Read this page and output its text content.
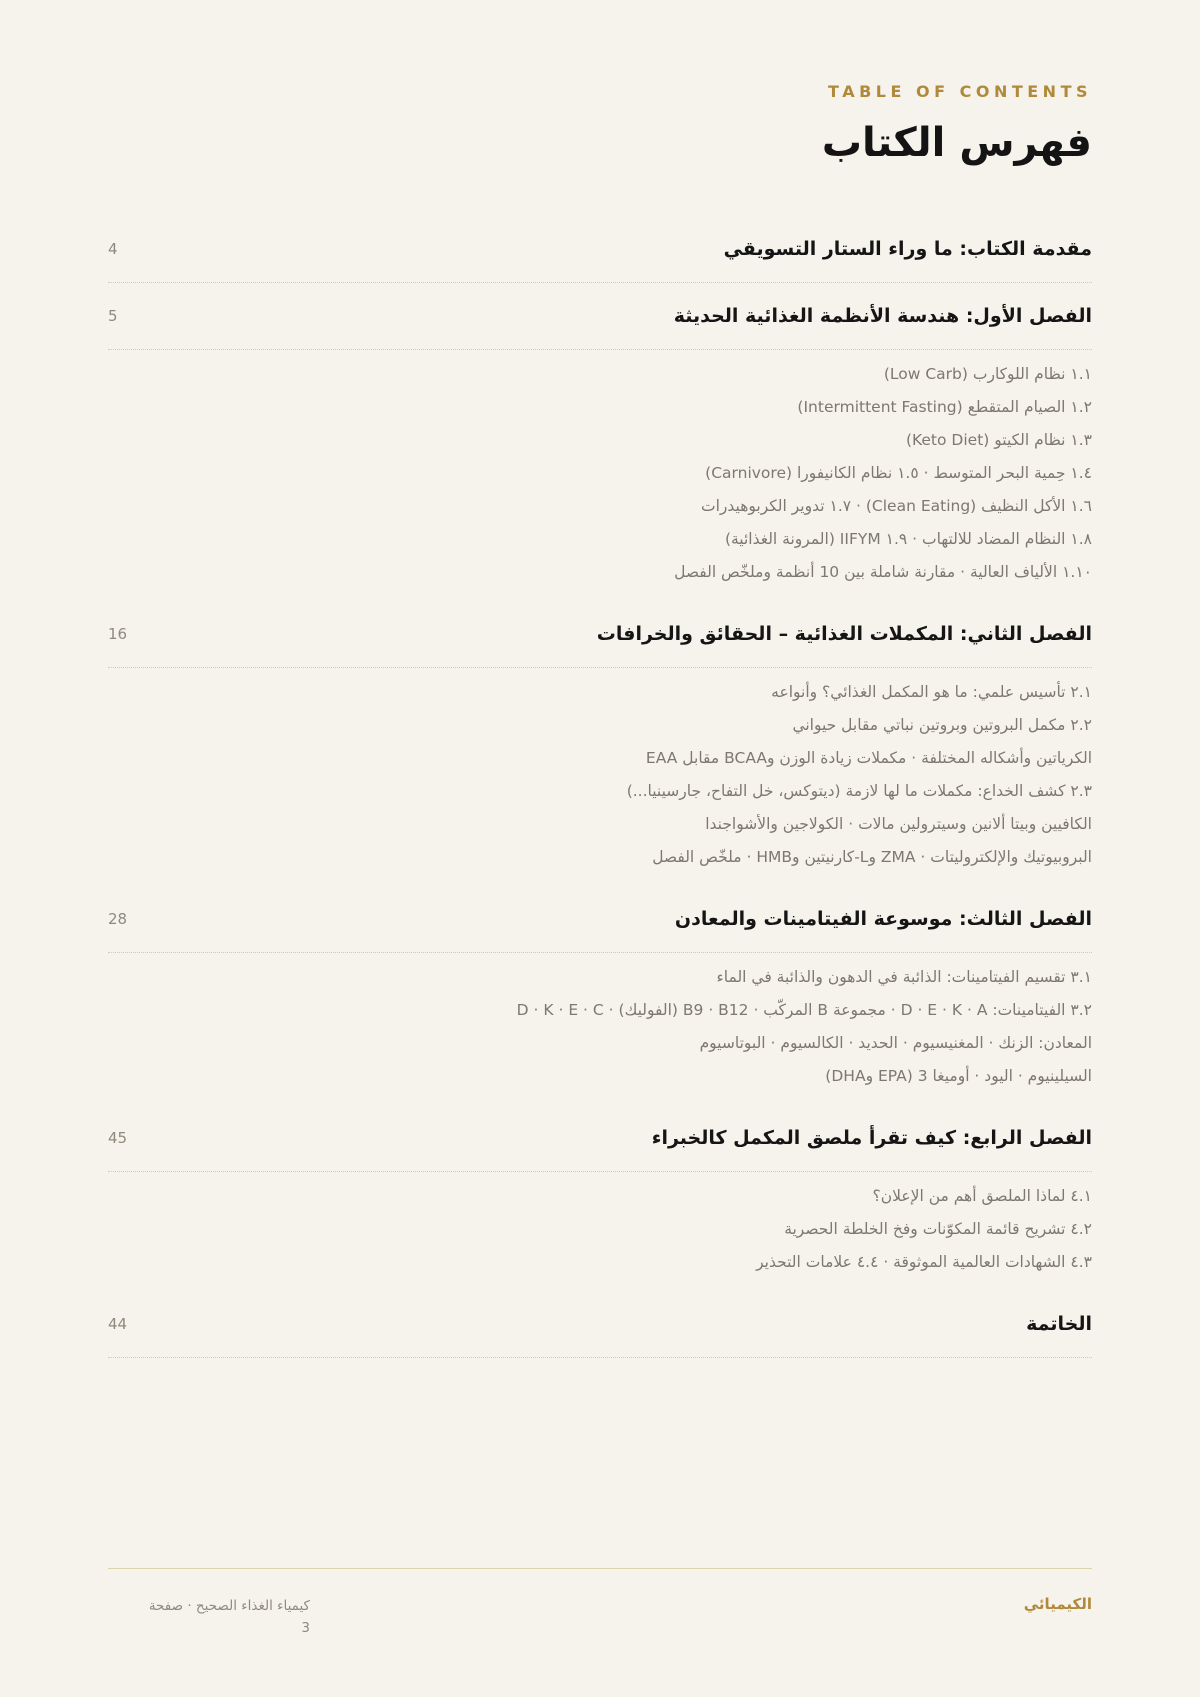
TABLE OF CONTENTS
فهرس الكتاب
مقدمة الكتاب: ما وراء الستار التسويقي
4
الفصل الأول: هندسة الأنظمة الغذائية الحديثة
5
١.١ نظام اللوكارب (Low Carb)
١.٢ الصيام المتقطع (Intermittent Fasting)
١.٣ نظام الكيتو (Keto Diet)
١.٤ حِمية البحر المتوسط · ١.٥ نظام الكانيفورا (Carnivore)
١.٦ الأكل النظيف (Clean Eating) · ١.٧ تدوير الكربوهيدرات
١.٨ النظام المضاد للالتهاب · ١.٩ IIFYM (المرونة الغذائية)
١.١٠ الألياف العالية · مقارنة شاملة بين 10 أنظمة وملخّص الفصل
الفصل الثاني: المكملات الغذائية – الحقائق والخرافات
16
٢.١ تأسيس علمي: ما هو المكمل الغذائي؟ وأنواعه
٢.٢ مكمل البروتين وبروتين نباتي مقابل حيواني
الكرياتين وأشكاله المختلفة · مكملات زيادة الوزن وBCAA مقابل EAA
٢.٣ كشف الخداع: مكملات ما لها لازمة (ديتوكس، خل التفاح، جارسينيا...)
الكافيين وبيتا ألانين وسيترولين مالات · الكولاجين والأشواجندا
البروبيوتيك والإلكتروليتات · ZMA وL-كارنيتين وHMB · ملخّص الفصل
الفصل الثالث: موسوعة الفيتامينات والمعادن
28
٣.١ تقسيم الفيتامينات: الذائبة في الدهون والذائبة في الماء
٣.٢ الفيتامينات: D · E · K · A · مجموعة B المركّب · B9 · B12 (الفوليك) · D · K · E · C
المعادن: الزنك · المغنيسيوم · الحديد · الكالسيوم · البوتاسيوم
السيلينيوم · اليود · أوميغا 3 (EPA وDHA)
الفصل الرابع: كيف تقرأ ملصق المكمل كالخبراء
45
٤.١ لماذا الملصق أهم من الإعلان؟
٤.٢ تشريح قائمة المكوّنات وفخ الخلطة الحصرية
٤.٣ الشهادات العالمية الموثوقة · ٤.٤ علامات التحذير
الخاتمة
44
الكيميائي
كيمياء الغذاء الصحيح · صفحة
3
